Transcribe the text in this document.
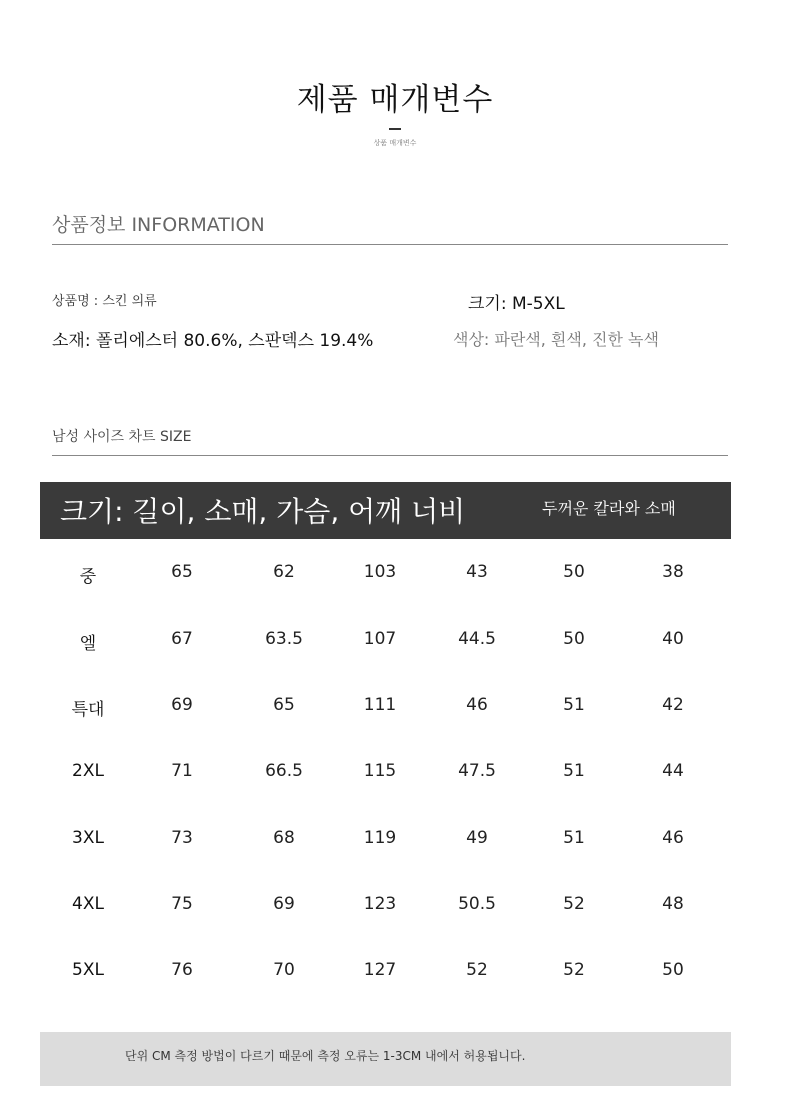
제품 매개변수
상품 매개변수
상품정보 INFORMATION
상품명 : 스킨 의류	크기: M-5XL
소재: 폴리에스터 80.6%, 스판덱스 19.4%	색상: 파란색, 흰색, 진한 녹색
남성 사이즈 차트 SIZE
크기: 길이, 소매, 가슴, 어깨 너비	두꺼운 칼라와 소매
중	65	62	103	43	50	38
엘	67	63.5	107	44.5	50	40
특대	69	65	111	46	51	42
2XL	71	66.5	115	47.5	51	44
3XL	73	68	119	49	51	46
4XL	75	69	123	50.5	52	48
5XL	76	70	127	52	52	50
단위 CM 측정 방법이 다르기 때문에 측정 오류는 1-3CM 내에서 허용됩니다.
